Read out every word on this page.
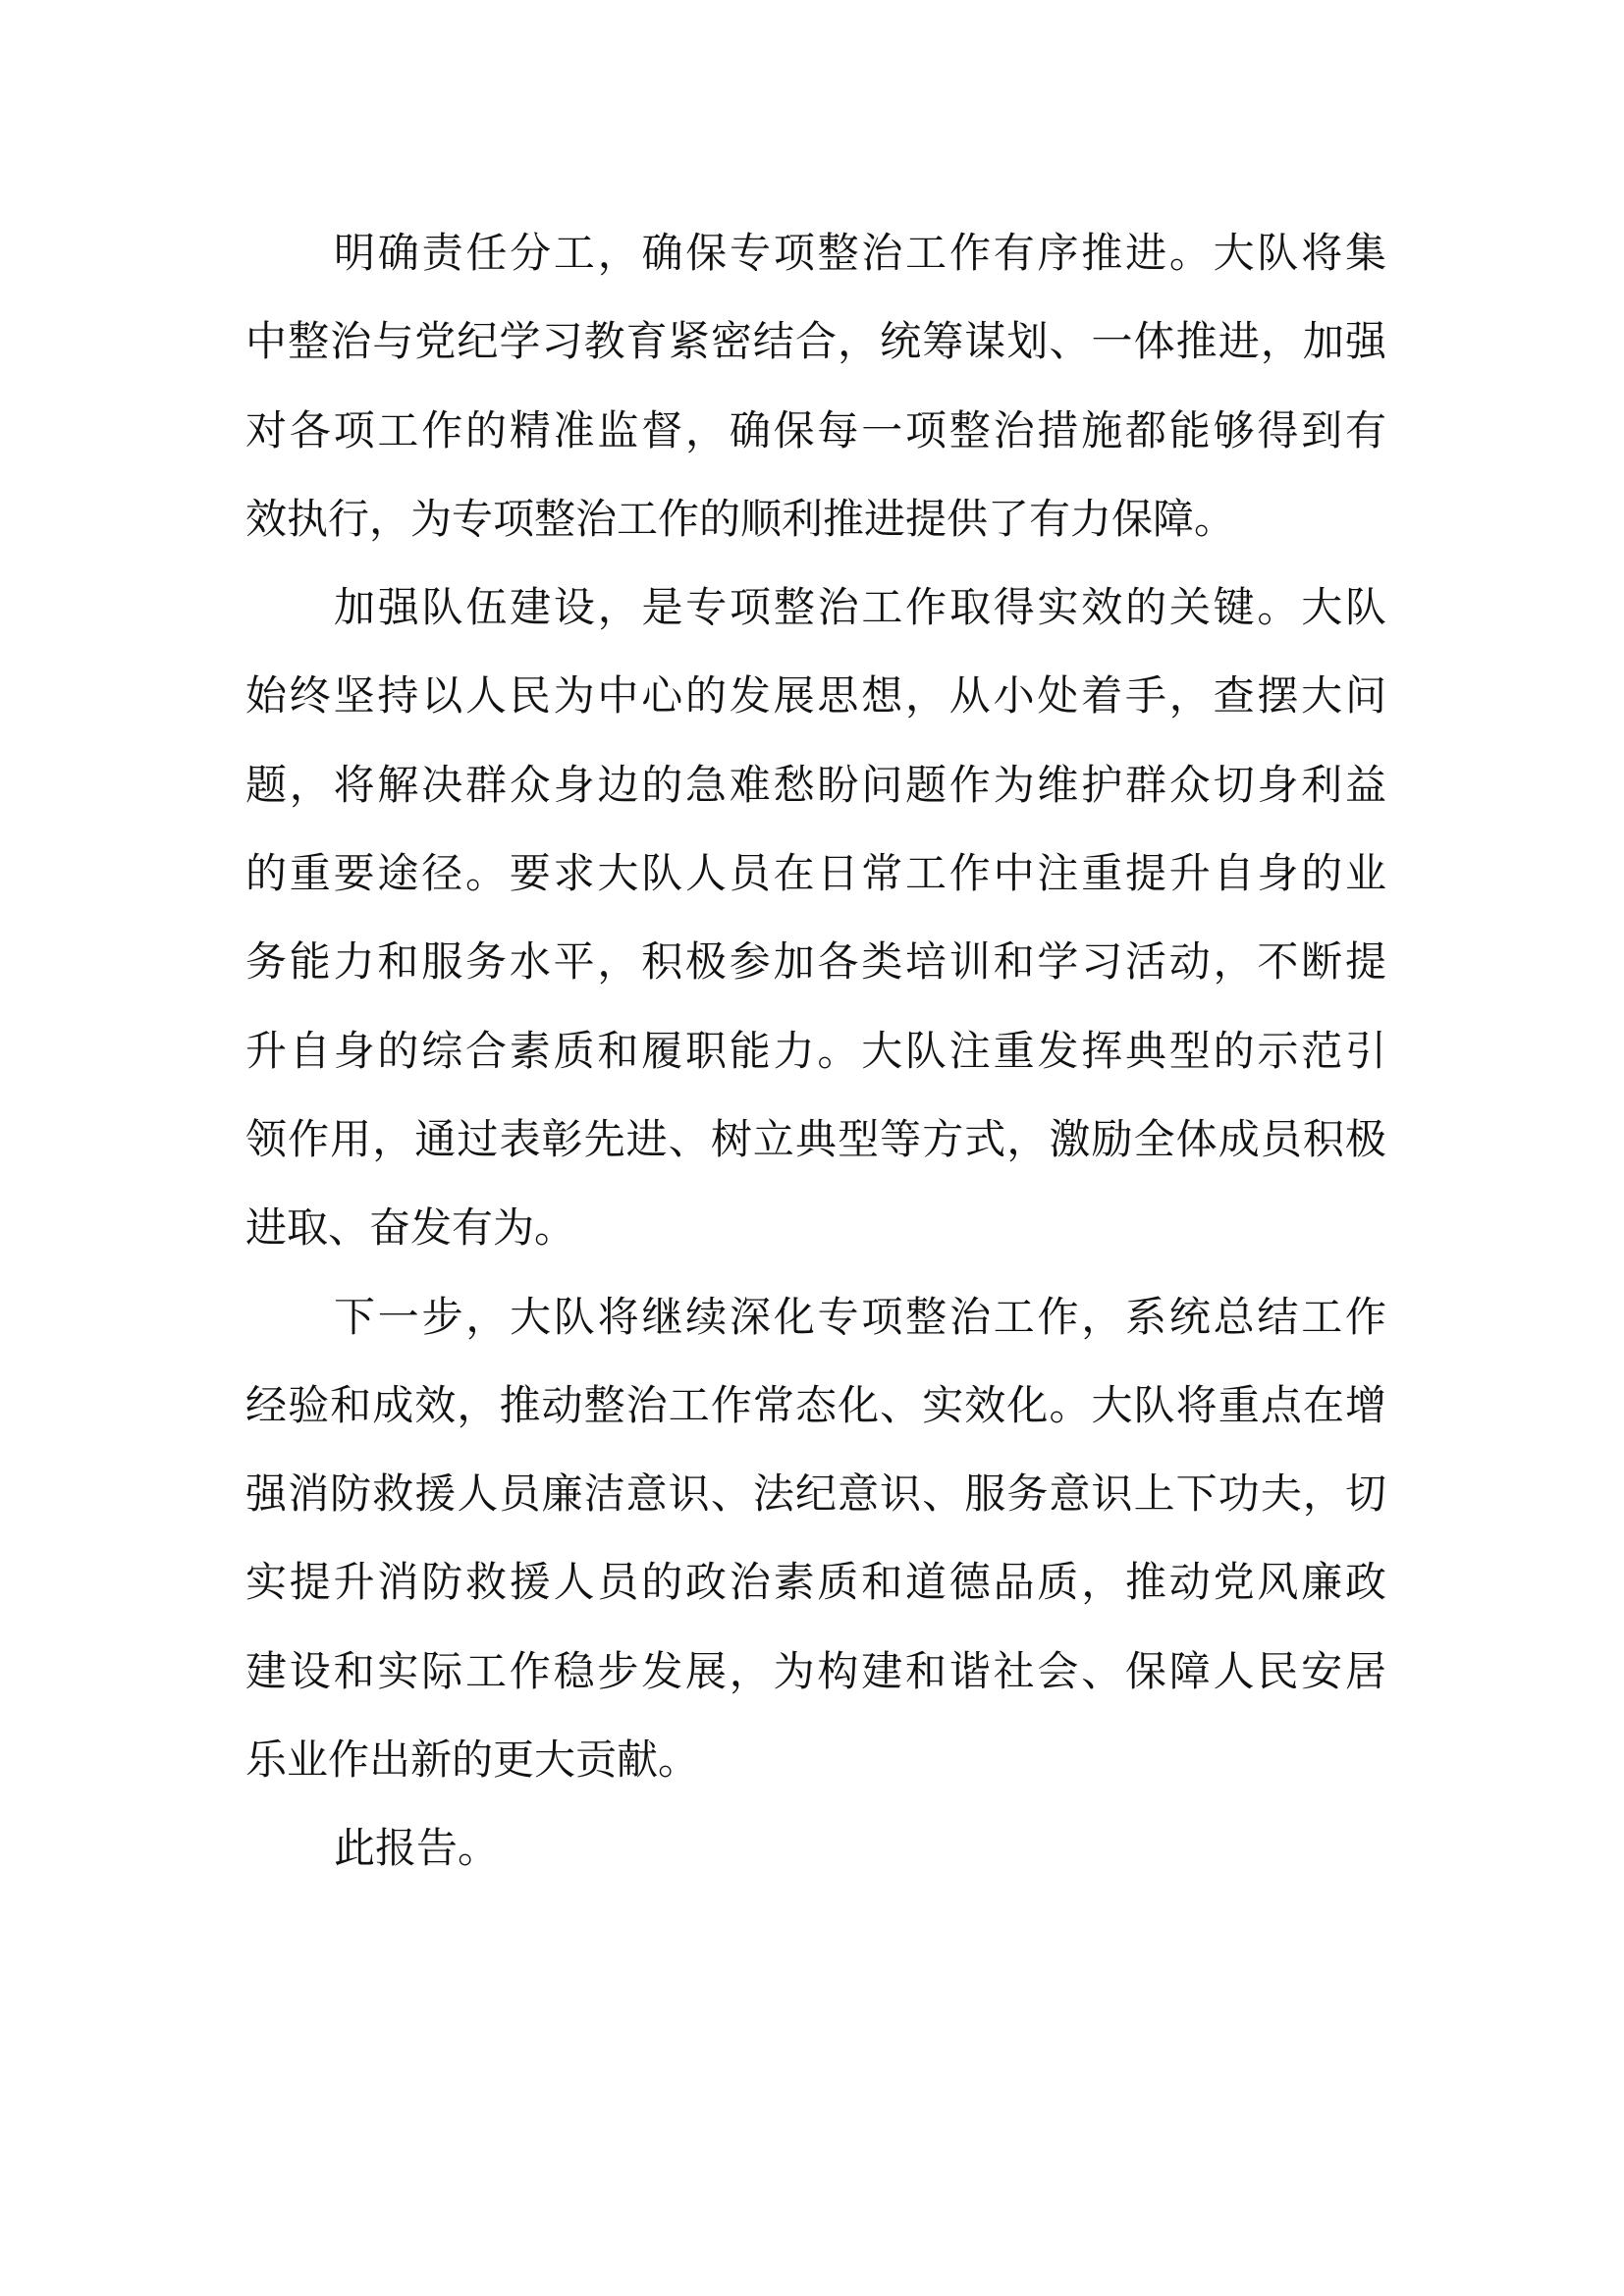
明确责任分工，确保专项整治工作有序推进。大队将集
中整治与党纪学习教育紧密结合，统筹谋划、一体推进，加强
对各项工作的精准监督，确保每一项整治措施都能够得到有
效执行，为专项整治工作的顺利推进提供了有力保障。
加强队伍建设，是专项整治工作取得实效的关键。大队
始终坚持以人民为中心的发展思想，从小处着手，查摆大问
题，将解决群众身边的急难愁盼问题作为维护群众切身利益
的重要途径。要求大队人员在日常工作中注重提升自身的业
务能力和服务水平，积极参加各类培训和学习活动，不断提
升自身的综合素质和履职能力。大队注重发挥典型的示范引
领作用，通过表彰先进、树立典型等方式，激励全体成员积极
进取、奋发有为。
下一步，大队将继续深化专项整治工作，系统总结工作
经验和成效，推动整治工作常态化、实效化。大队将重点在增
强消防救援人员廉洁意识、法纪意识、服务意识上下功夫，切
实提升消防救援人员的政治素质和道德品质，推动党风廉政
建设和实际工作稳步发展，为构建和谐社会、保障人民安居
乐业作出新的更大贡献。
此报告。
